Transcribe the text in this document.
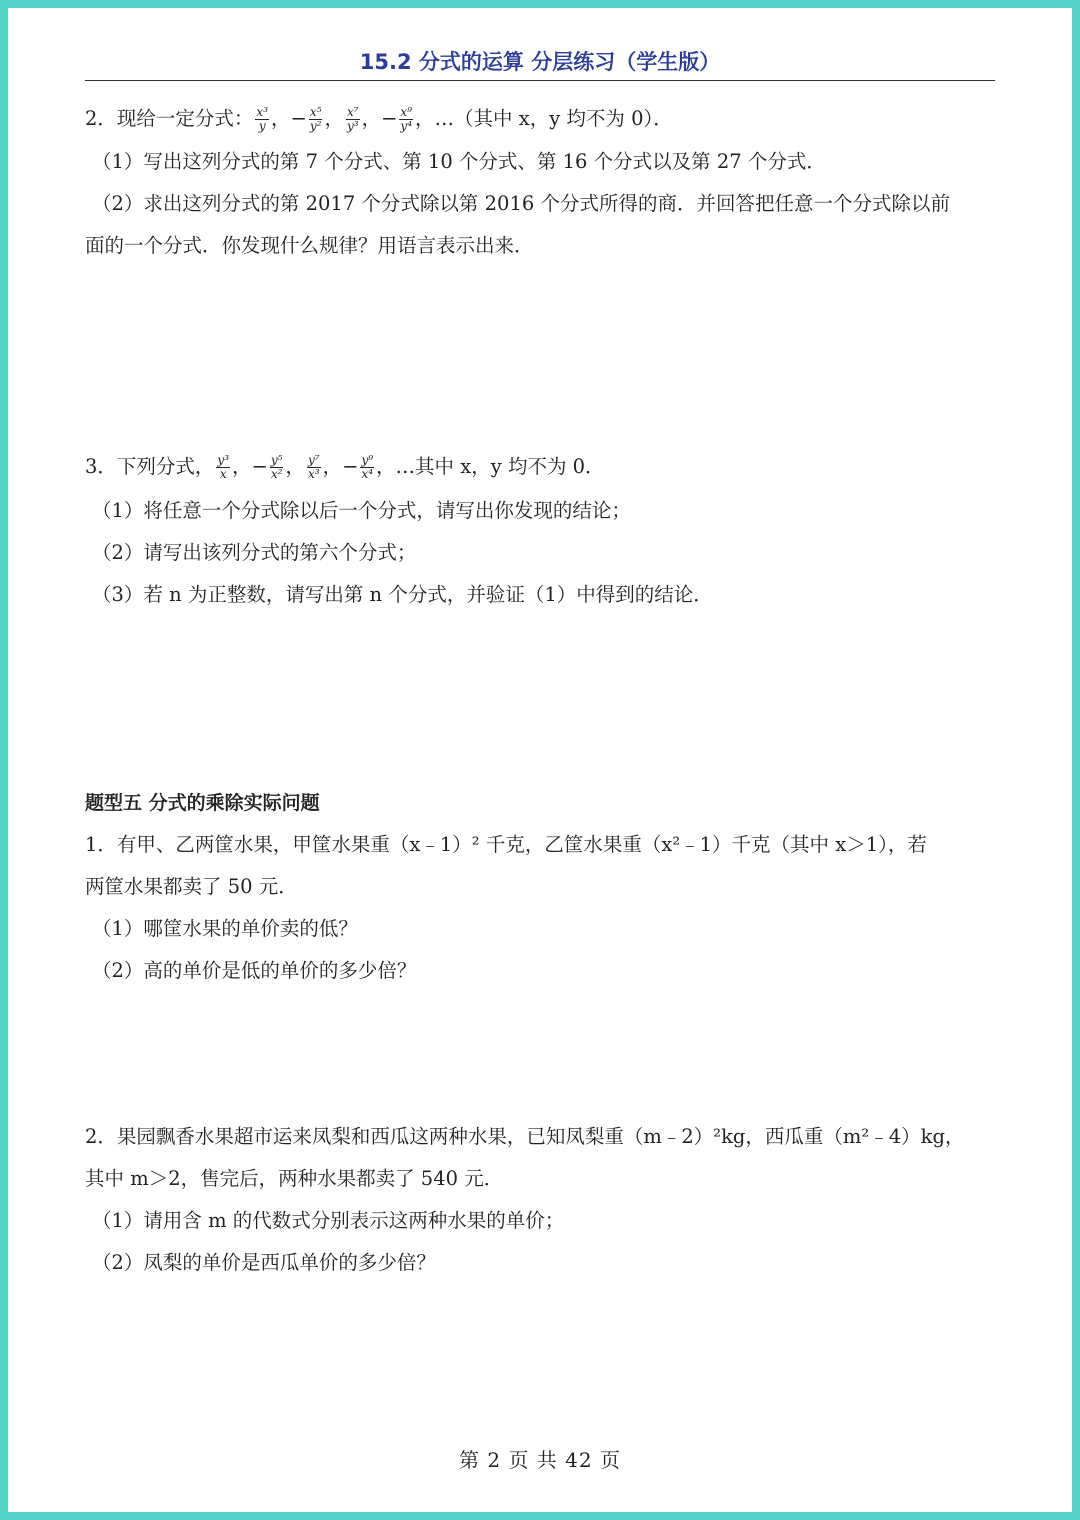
15.2 分式的运算 分层练习（学生版）
2．现给一定分式： $\frac{\text{x³}}{y}$ ，− $\frac{\text{x⁵}}{\text{y²}}$ ， $\frac{\text{x⁷}}{\text{y³}}$ ，− $\frac{\text{x⁹}}{\text{y⁴}}$ ，…（其中 x，y 均不为 0）．
（1）写出这列分式的第 7 个分式、第 10 个分式、第 16 个分式以及第 27 个分式．
（2）求出这列分式的第 2017 个分式除以第 2016 个分式所得的商．并回答把任意一个分式除以前
面的一个分式．你发现什么规律？用语言表示出来．
3．下列分式， $\frac{\text{y³}}{x}$ ，− $\frac{\text{y⁵}}{\text{x²}}$ ， $\frac{\text{y⁷}}{\text{x³}}$ ，− $\frac{\text{y⁹}}{\text{x⁴}}$ ，…其中 x，y 均不为 0．
（1）将任意一个分式除以后一个分式，请写出你发现的结论；
（2）请写出该列分式的第六个分式；
（3）若 n 为正整数，请写出第 n 个分式，并验证（1）中得到的结论．
题型五 分式的乘除实际问题
1．有甲、乙两筐水果，甲筐水果重（x﹣1）² 千克，乙筐水果重（x²﹣1）千克（其中 x＞1），若
两筐水果都卖了 50 元．
（1）哪筐水果的单价卖的低？
（2）高的单价是低的单价的多少倍？
2．果园飘香水果超市运来凤梨和西瓜这两种水果，已知凤梨重（m﹣2）²kg，西瓜重（m²﹣4）kg，
其中 m＞2，售完后，两种水果都卖了 540 元．
（1）请用含 m 的代数式分别表示这两种水果的单价；
（2）凤梨的单价是西瓜单价的多少倍？
第 2 页 共 42 页
